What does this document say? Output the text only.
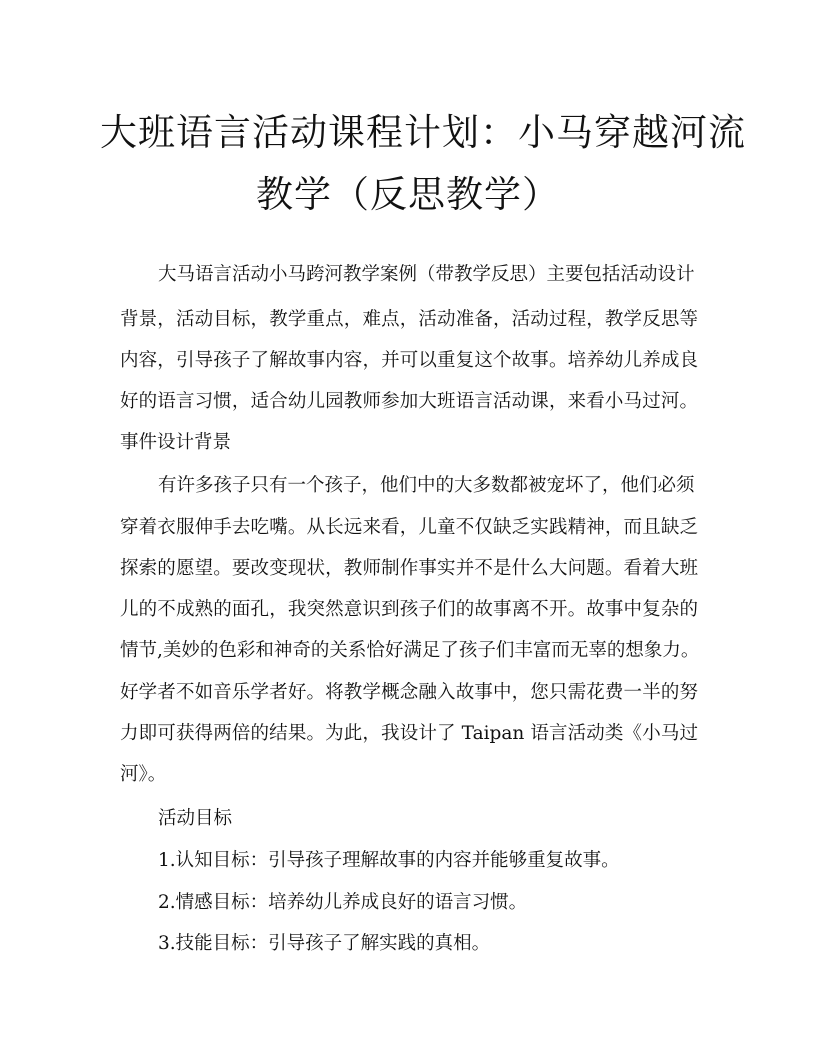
大班语言活动课程计划：小马穿越河流
教学（反思教学）
大马语言活动小马跨河教学案例（带教学反思）主要包括活动设计
背景，活动目标，教学重点，难点，活动准备，活动过程，教学反思等
内容，引导孩子了解故事内容，并可以重复这个故事。培养幼儿养成良
好的语言习惯，适合幼儿园教师参加大班语言活动课，来看小马过河。
事件设计背景
有许多孩子只有一个孩子，他们中的大多数都被宠坏了，他们必须
穿着衣服伸手去吃嘴。从长远来看，儿童不仅缺乏实践精神，而且缺乏
探索的愿望。要改变现状，教师制作事实并不是什么大问题。看着大班
儿的不成熟的面孔，我突然意识到孩子们的故事离不开。故事中复杂的
情节,美妙的色彩和神奇的关系恰好满足了孩子们丰富而无辜的想象力。
好学者不如音乐学者好。将教学概念融入故事中，您只需花费一半的努
力即可获得两倍的结果。为此，我设计了 Taipan 语言活动类《小马过
河》。
活动目标
1.认知目标：引导孩子理解故事的内容并能够重复故事。
2.情感目标：培养幼儿养成良好的语言习惯。
3.技能目标：引导孩子了解实践的真相。
